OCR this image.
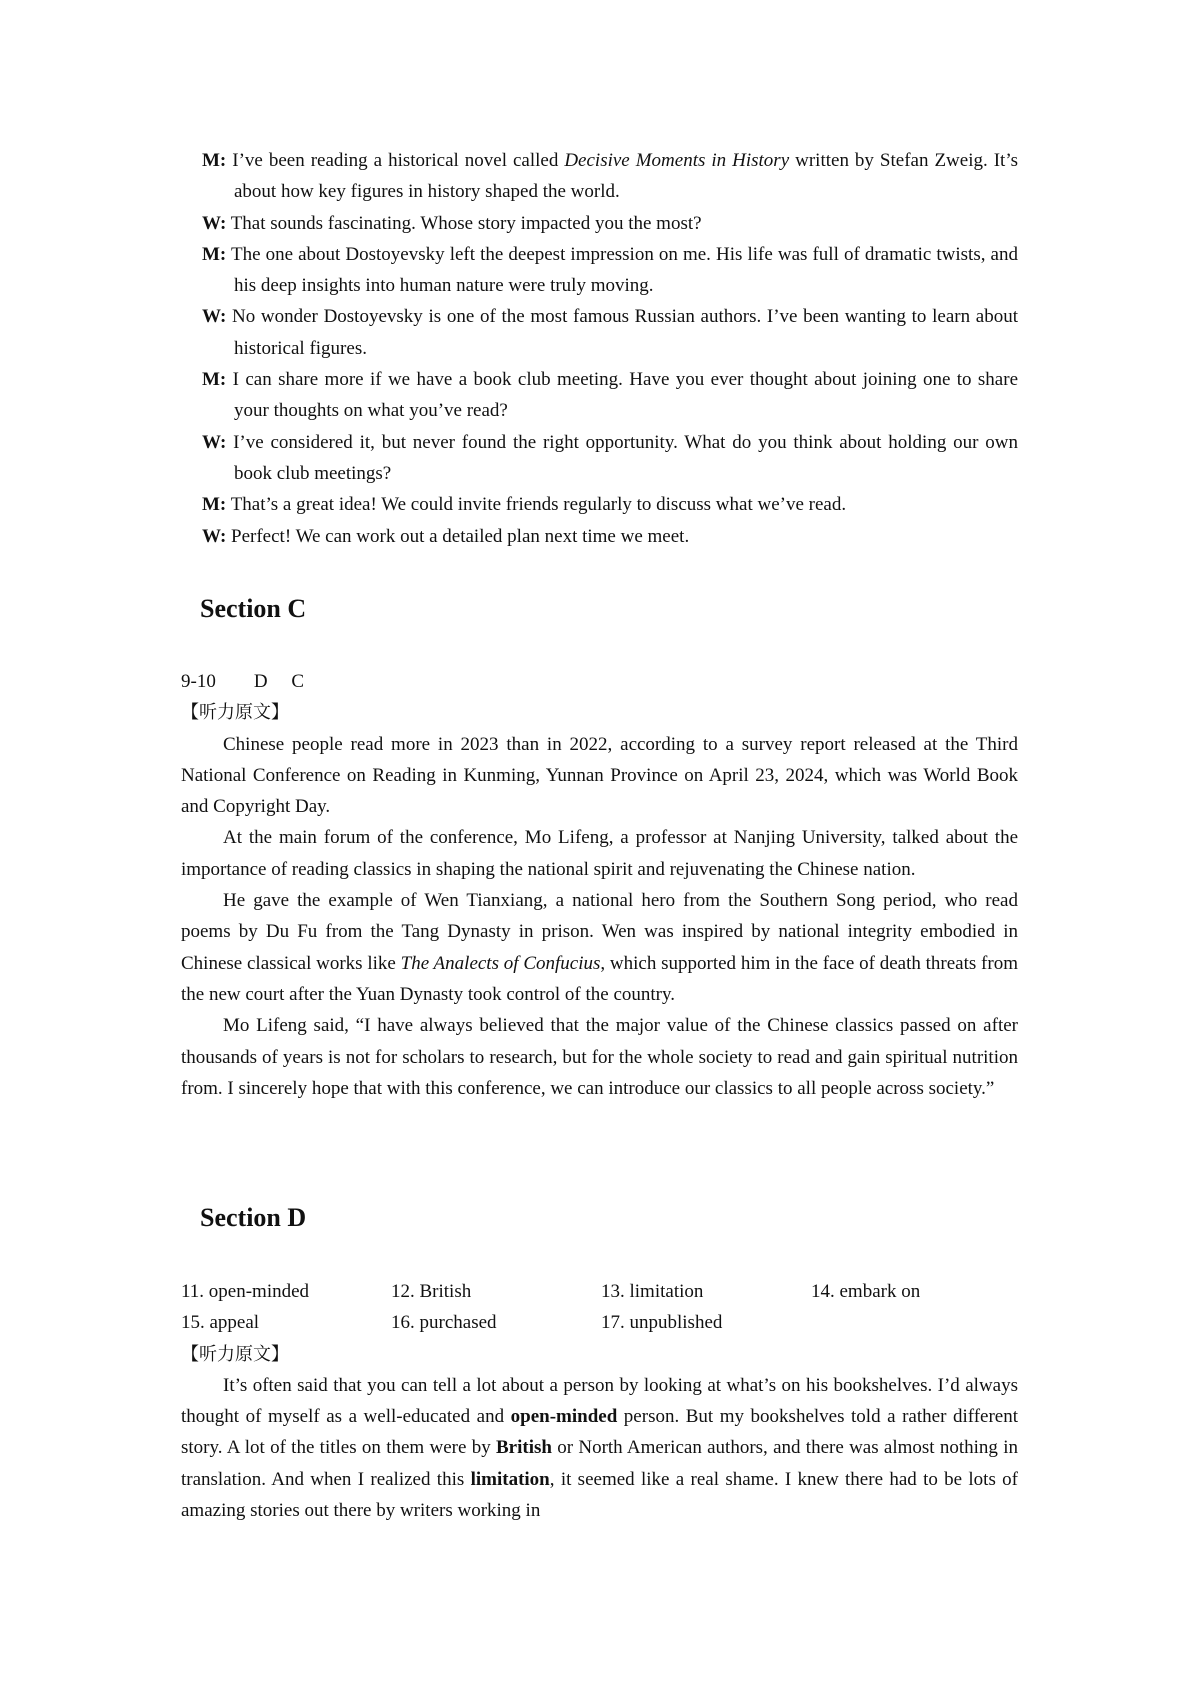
M: I’ve been reading a historical novel called Decisive Moments in History written by Stefan Zweig. It’s about how key figures in history shaped the world.
W: That sounds fascinating. Whose story impacted you the most?
M: The one about Dostoyevsky left the deepest impression on me. His life was full of dramatic twists, and his deep insights into human nature were truly moving.
W: No wonder Dostoyevsky is one of the most famous Russian authors. I’ve been wanting to learn about historical figures.
M: I can share more if we have a book club meeting. Have you ever thought about joining one to share your thoughts on what you’ve read?
W: I’ve considered it, but never found the right opportunity. What do you think about holding our own book club meetings?
M: That’s a great idea! We could invite friends regularly to discuss what we’ve read.
W: Perfect! We can work out a detailed plan next time we meet.
Section C
9-10 D C
【听力原文】

Chinese people read more in 2023 than in 2022, according to a survey report released at the Third National Conference on Reading in Kunming, Yunnan Province on April 23, 2024, which was World Book and Copyright Day.

At the main forum of the conference, Mo Lifeng, a professor at Nanjing University, talked about the importance of reading classics in shaping the national spirit and rejuvenating the Chinese nation.

He gave the example of Wen Tianxiang, a national hero from the Southern Song period, who read poems by Du Fu from the Tang Dynasty in prison. Wen was inspired by national integrity embodied in Chinese classical works like The Analects of Confucius, which supported him in the face of death threats from the new court after the Yuan Dynasty took control of the country.

Mo Lifeng said, “I have always believed that the major value of the Chinese classics passed on after thousands of years is not for scholars to research, but for the whole society to read and gain spiritual nutrition from. I sincerely hope that with this conference, we can introduce our classics to all people across society.”

Section D
11. open-minded	12. British	13. limitation	14. embark on
15. appeal	16. purchased	17. unpublished
【听力原文】

It’s often said that you can tell a lot about a person by looking at what’s on his bookshelves. I’d always thought of myself as a well-educated and open-minded person. But my bookshelves told a rather different story. A lot of the titles on them were by British or North American authors, and there was almost nothing in translation. And when I realized this limitation, it seemed like a real shame. I knew there had to be lots of amazing stories out there by writers working in
